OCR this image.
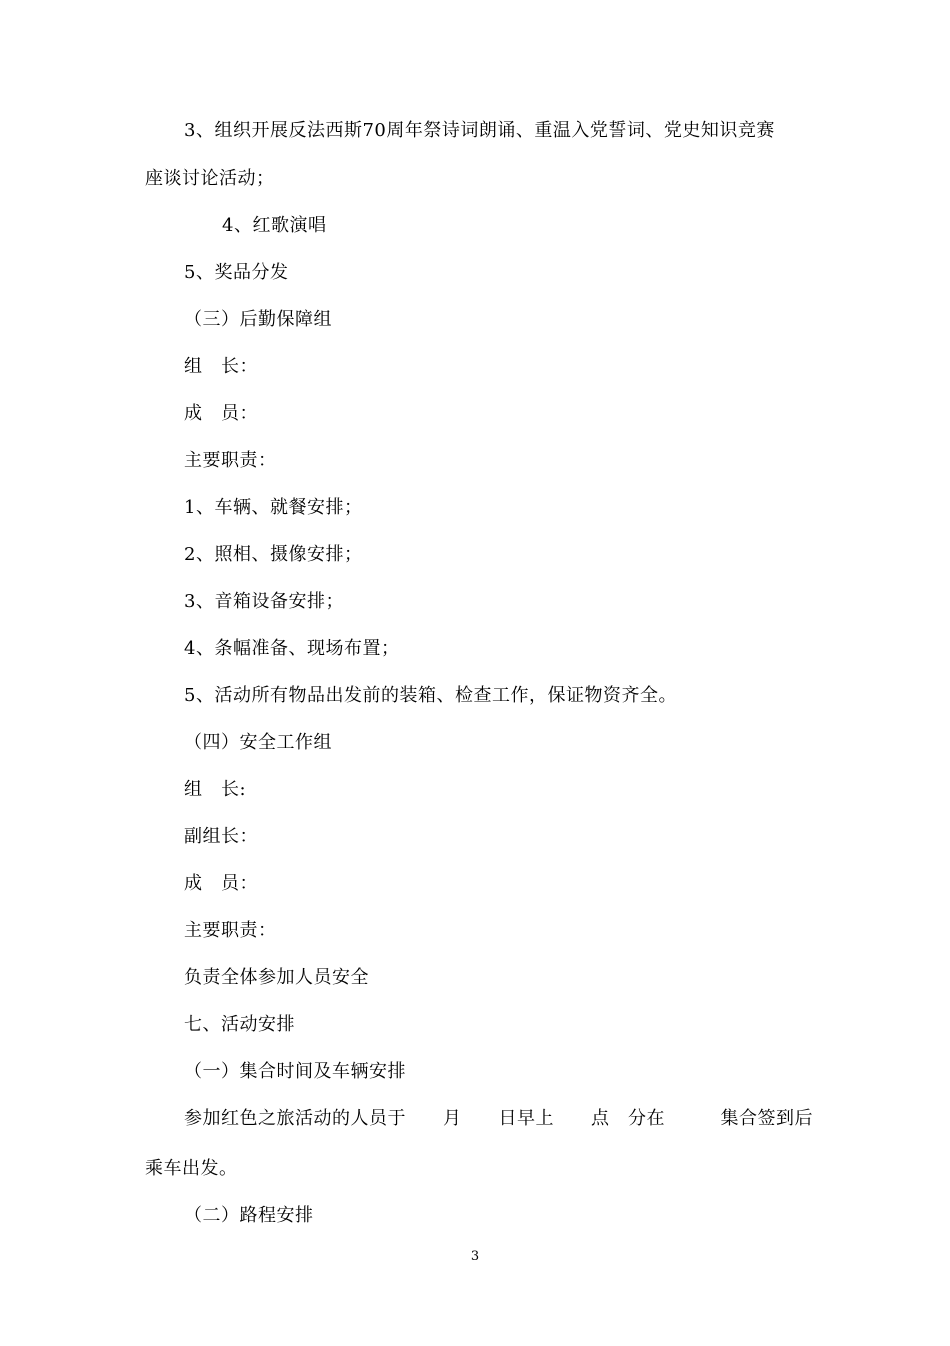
3、组织开展反法西斯70周年祭诗词朗诵、重温入党誓词、党史知识竞赛
座谈讨论活动；
4、红歌演唱
5、奖品分发
（三）后勤保障组
组　长：
成　员：
主要职责：
1、车辆、就餐安排；
2、照相、摄像安排；
3、音箱设备安排；
4、条幅准备、现场布置；
5、活动所有物品出发前的装箱、检查工作，保证物资齐全。
（四）安全工作组
组　长:
副组长：
成　员：
主要职责：
负责全体参加人员安全
七、活动安排
（一）集合时间及车辆安排
参加红色之旅活动的人员于　　月　　日早上　　点　分在　　　集合签到后
乘车出发。
（二）路程安排
3
